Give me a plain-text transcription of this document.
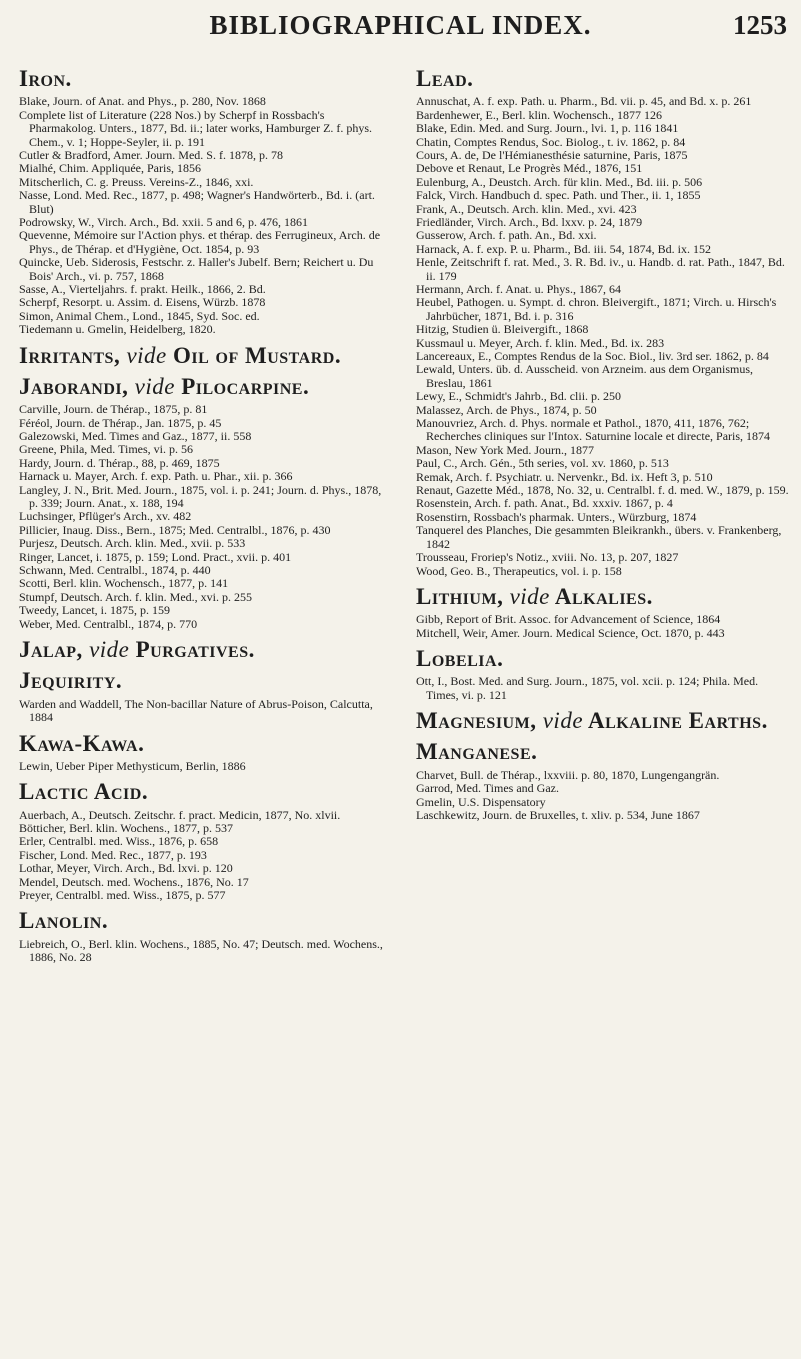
BIBLIOGRAPHICAL INDEX.	1253
Iron.
Blake, Journ. of Anat. and Phys., p. 280, Nov. 1868
Complete list of Literature (228 Nos.) by Scherpf in Rossbach's Pharmakolog. Unters., 1877, Bd. ii.; later works, Hamburger Z. f. phys. Chem., v. 1; Hoppe-Seyler, ii. p. 191
Cutler & Bradford, Amer. Journ. Med. S. f. 1878, p. 78
Mialhé, Chim. Appliquée, Paris, 1856
Mitscherlich, C. g. Preuss. Vereins-Z., 1846, xxi.
Nasse, Lond. Med. Rec., 1877, p. 498; Wagner's Handwörterb., Bd. i. (art. Blut)
Podrowsky, W., Virch. Arch., Bd. xxii. 5 and 6, p. 476, 1861
Quevenne, Mémoire sur l'Action phys. et thérap. des Ferrugineux, Arch. de Phys., de Thérap. et d'Hygiène, Oct. 1854, p. 93
Quincke, Ueb. Siderosis, Festschr. z. Haller's Jubelf. Bern; Reichert u. Du Bois' Arch., vi. p. 757, 1868
Sasse, A., Vierteljahrs. f. prakt. Heilk., 1866, 2. Bd.
Scherpf, Resorpt. u. Assim. d. Eisens, Würzb. 1878
Simon, Animal Chem., Lond., 1845, Syd. Soc. ed.
Tiedemann u. Gmelin, Heidelberg, 1820.
Irritants, vide Oil of Mustard.
Jaborandi, vide Pilocarpine.
Carville, Journ. de Thérap., 1875, p. 81
Féréol, Journ. de Thérap., Jan. 1875, p. 45
Galezowski, Med. Times and Gaz., 1877, ii. 558
Greene, Phila, Med. Times, vi. p. 56
Hardy, Journ. d. Thérap., 88, p. 469, 1875
Harnack u. Mayer, Arch. f. exp. Path. u. Phar., xii. p. 366
Langley, J. N., Brit. Med. Journ., 1875, vol. i. p. 241; Journ. d. Phys., 1878, p. 339; Journ. Anat., x. 188, 194
Luchsinger, Pflüger's Arch., xv. 482
Pillicier, Inaug. Diss., Bern., 1875; Med. Centralbl., 1876, p. 430
Purjesz, Deutsch. Arch. klin. Med., xvii. p. 533
Ringer, Lancet, i. 1875, p. 159; Lond. Pract., xvii. p. 401
Schwann, Med. Centralbl., 1874, p. 440
Scotti, Berl. klin. Wochensch., 1877, p. 141
Stumpf, Deutsch. Arch. f. klin. Med., xvi. p. 255
Tweedy, Lancet, i. 1875, p. 159
Weber, Med. Centralbl., 1874, p. 770
Jalap, vide Purgatives.
Jequirity.
Warden and Waddell, The Non-bacillar Nature of Abrus-Poison, Calcutta, 1884
Kawa-Kawa.
Lewin, Ueber Piper Methysticum, Berlin, 1886
Lactic Acid.
Auerbach, A., Deutsch. Zeitschr. f. pract. Medicin, 1877, No. xlvii.
Bötticher, Berl. klin. Wochens., 1877, p. 537
Erler, Centralbl. med. Wiss., 1876, p. 658
Fischer, Lond. Med. Rec., 1877, p. 193
Lothar, Meyer, Virch. Arch., Bd. lxvi. p. 120
Mendel, Deutsch. med. Wochens., 1876, No. 17
Preyer, Centralbl. med. Wiss., 1875, p. 577
Lanolin.
Liebreich, O., Berl. klin. Wochens., 1885, No. 47; Deutsch. med. Wochens., 1886, No. 28
Lead.
Annuschat, A. f. exp. Path. u. Pharm., Bd. vii. p. 45, and Bd. x. p. 261
Bardenhewer, E., Berl. klin. Wochensch., 1877 126
Blake, Edin. Med. and Surg. Journ., lvi. 1, p. 116 1841
Chatin, Comptes Rendus, Soc. Biolog., t. iv. 1862, p. 84
Cours, A. de, De l'Hémianesthésie saturnine, Paris, 1875
Debove et Renaut, Le Progrès Méd., 1876, 151
Eulenburg, A., Deustch. Arch. für klin. Med., Bd. iii. p. 506
Falck, Virch. Handbuch d. spec. Path. und Ther., ii. 1, 1855
Frank, A., Deutsch. Arch. klin. Med., xvi. 423
Friedländer, Virch. Arch., Bd. lxxv. p. 24, 1879
Gusserow, Arch. f. path. An., Bd. xxi.
Harnack, A. f. exp. P. u. Pharm., Bd. iii. 54, 1874, Bd. ix. 152
Henle, Zeitschrift f. rat. Med., 3. R. Bd. iv., u. Handb. d. rat. Path., 1847, Bd. ii. 179
Hermann, Arch. f. Anat. u. Phys., 1867, 64
Heubel, Pathogen. u. Sympt. d. chron. Bleivergift., 1871; Virch. u. Hirsch's Jahrbücher, 1871, Bd. i. p. 316
Hitzig, Studien ü. Bleivergift., 1868
Kussmaul u. Meyer, Arch. f. klin. Med., Bd. ix. 283
Lancereaux, E., Comptes Rendus de la Soc. Biol., liv. 3rd ser. 1862, p. 84
Lewald, Unters. üb. d. Ausscheid. von Arzneim. aus dem Organismus, Breslau, 1861
Lewy, E., Schmidt's Jahrb., Bd. clii. p. 250
Malassez, Arch. de Phys., 1874, p. 50
Manouvriez, Arch. d. Phys. normale et Pathol., 1870, 411, 1876, 762; Recherches cliniques sur l'Intox. Saturnine locale et directe, Paris, 1874
Mason, New York Med. Journ., 1877
Paul, C., Arch. Gén., 5th series, vol. xv. 1860, p. 513
Remak, Arch. f. Psychiatr. u. Nervenkr., Bd. ix. Heft 3, p. 510
Renaut, Gazette Méd., 1878, No. 32, u. Centralbl. f. d. med. W., 1879, p. 159.
Rosenstein, Arch. f. path. Anat., Bd. xxxiv. 1867, p. 4
Rosenstirn, Rossbach's pharmak. Unters., Würzburg, 1874
Tanquerel des Planches, Die gesammten Bleikrankh., übers. v. Frankenberg, 1842
Trousseau, Froriep's Notiz., xviii. No. 13, p. 207, 1827
Wood, Geo. B., Therapeutics, vol. i. p. 158
Lithium, vide Alkalies.
Gibb, Report of Brit. Assoc. for Advancement of Science, 1864
Mitchell, Weir, Amer. Journ. Medical Science, Oct. 1870, p. 443
Lobelia.
Ott, I., Bost. Med. and Surg. Journ., 1875, vol. xcii. p. 124; Phila. Med. Times, vi. p. 121
Magnesium, vide Alkaline Earths.
Manganese.
Charvet, Bull. de Thérap., lxxviii. p. 80, 1870, Lungengangrän.
Garrod, Med. Times and Gaz.
Gmelin, U.S. Dispensatory
Laschkewitz, Journ. de Bruxelles, t. xliv. p. 534, June 1867
